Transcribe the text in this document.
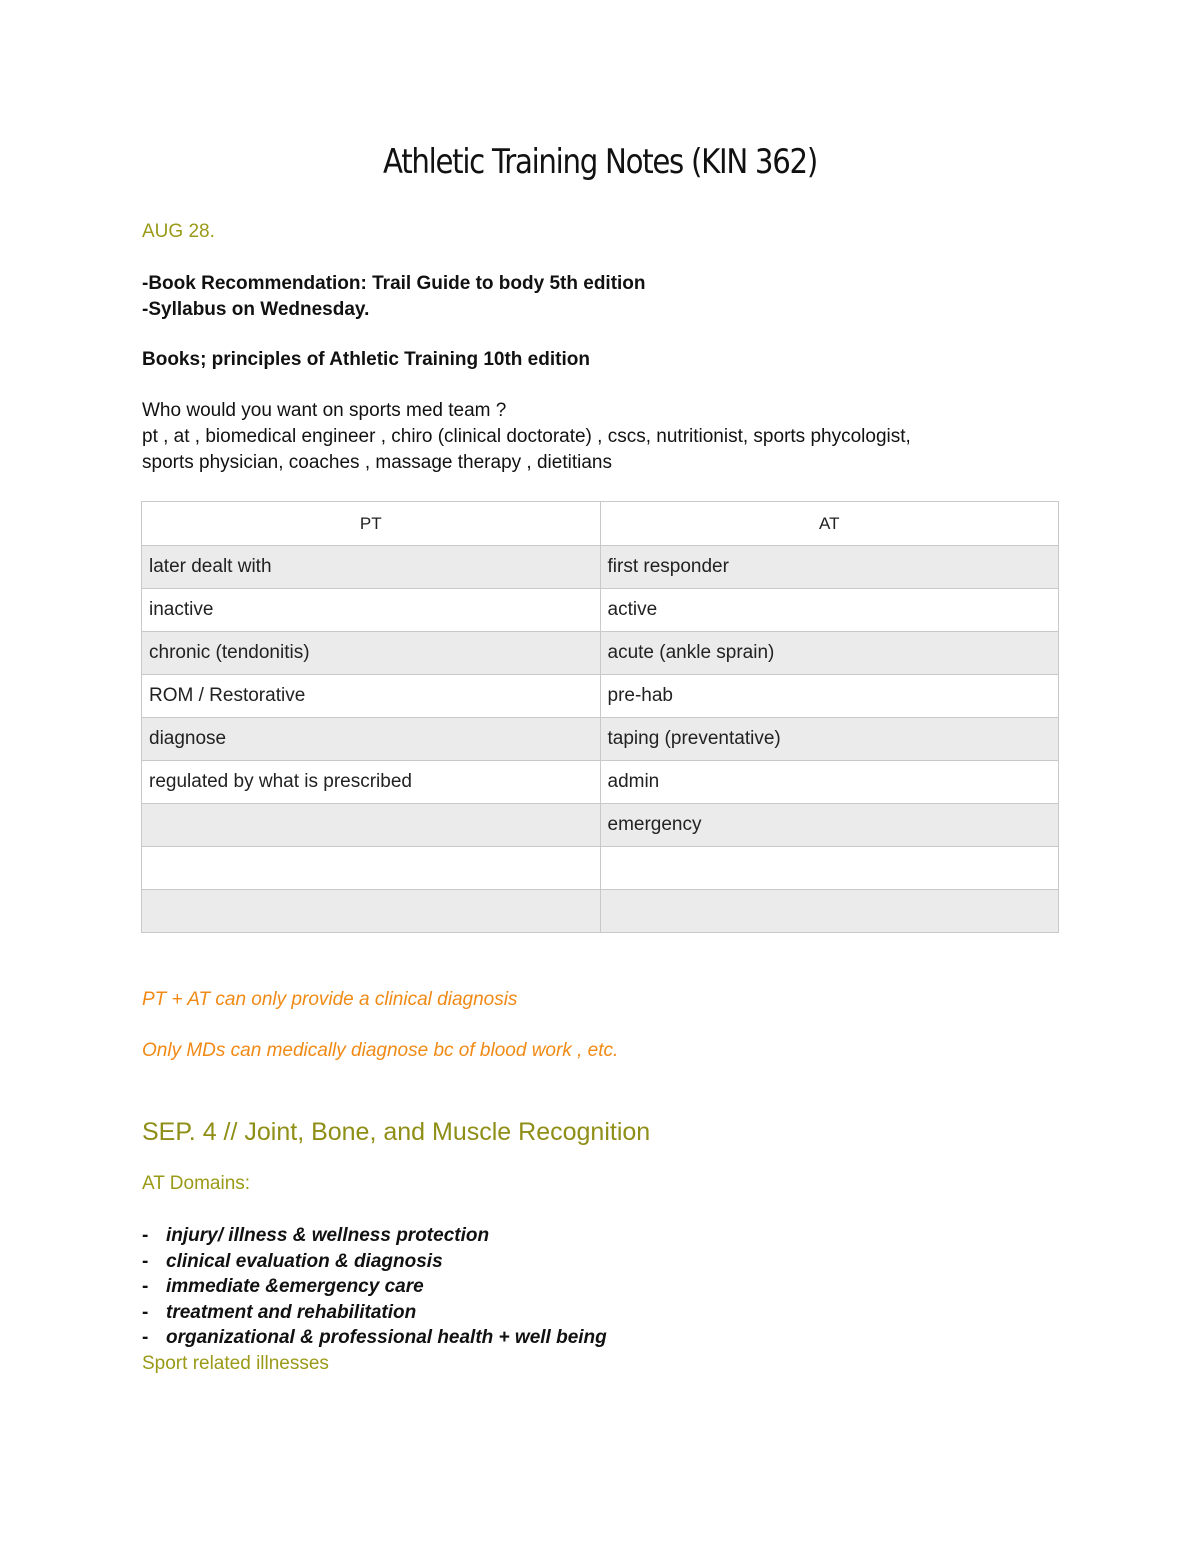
Athletic Training Notes (KIN 362)
AUG 28.
-Book Recommendation: Trail Guide to body 5th edition
-Syllabus on Wednesday.
Books; principles of Athletic Training 10th edition
Who would you want on sports med team ?
pt , at , biomedical engineer , chiro (clinical doctorate) , cscs, nutritionist, sports phycologist,
sports physician, coaches , massage therapy , dietitians
PT	AT
later dealt with	first responder
inactive	active
chronic (tendonitis)	acute (ankle sprain)
ROM / Restorative	pre-hab
diagnose	taping (preventative)
regulated by what is prescribed	admin
	emergency

PT + AT can only provide a clinical diagnosis
Only MDs can medically diagnose bc of blood work , etc.
SEP. 4 // Joint, Bone, and Muscle Recognition
AT Domains:
- injury/ illness & wellness protection
- clinical evaluation & diagnosis
- immediate &emergency care
- treatment and rehabilitation
- organizational & professional health + well being
Sport related illnesses
